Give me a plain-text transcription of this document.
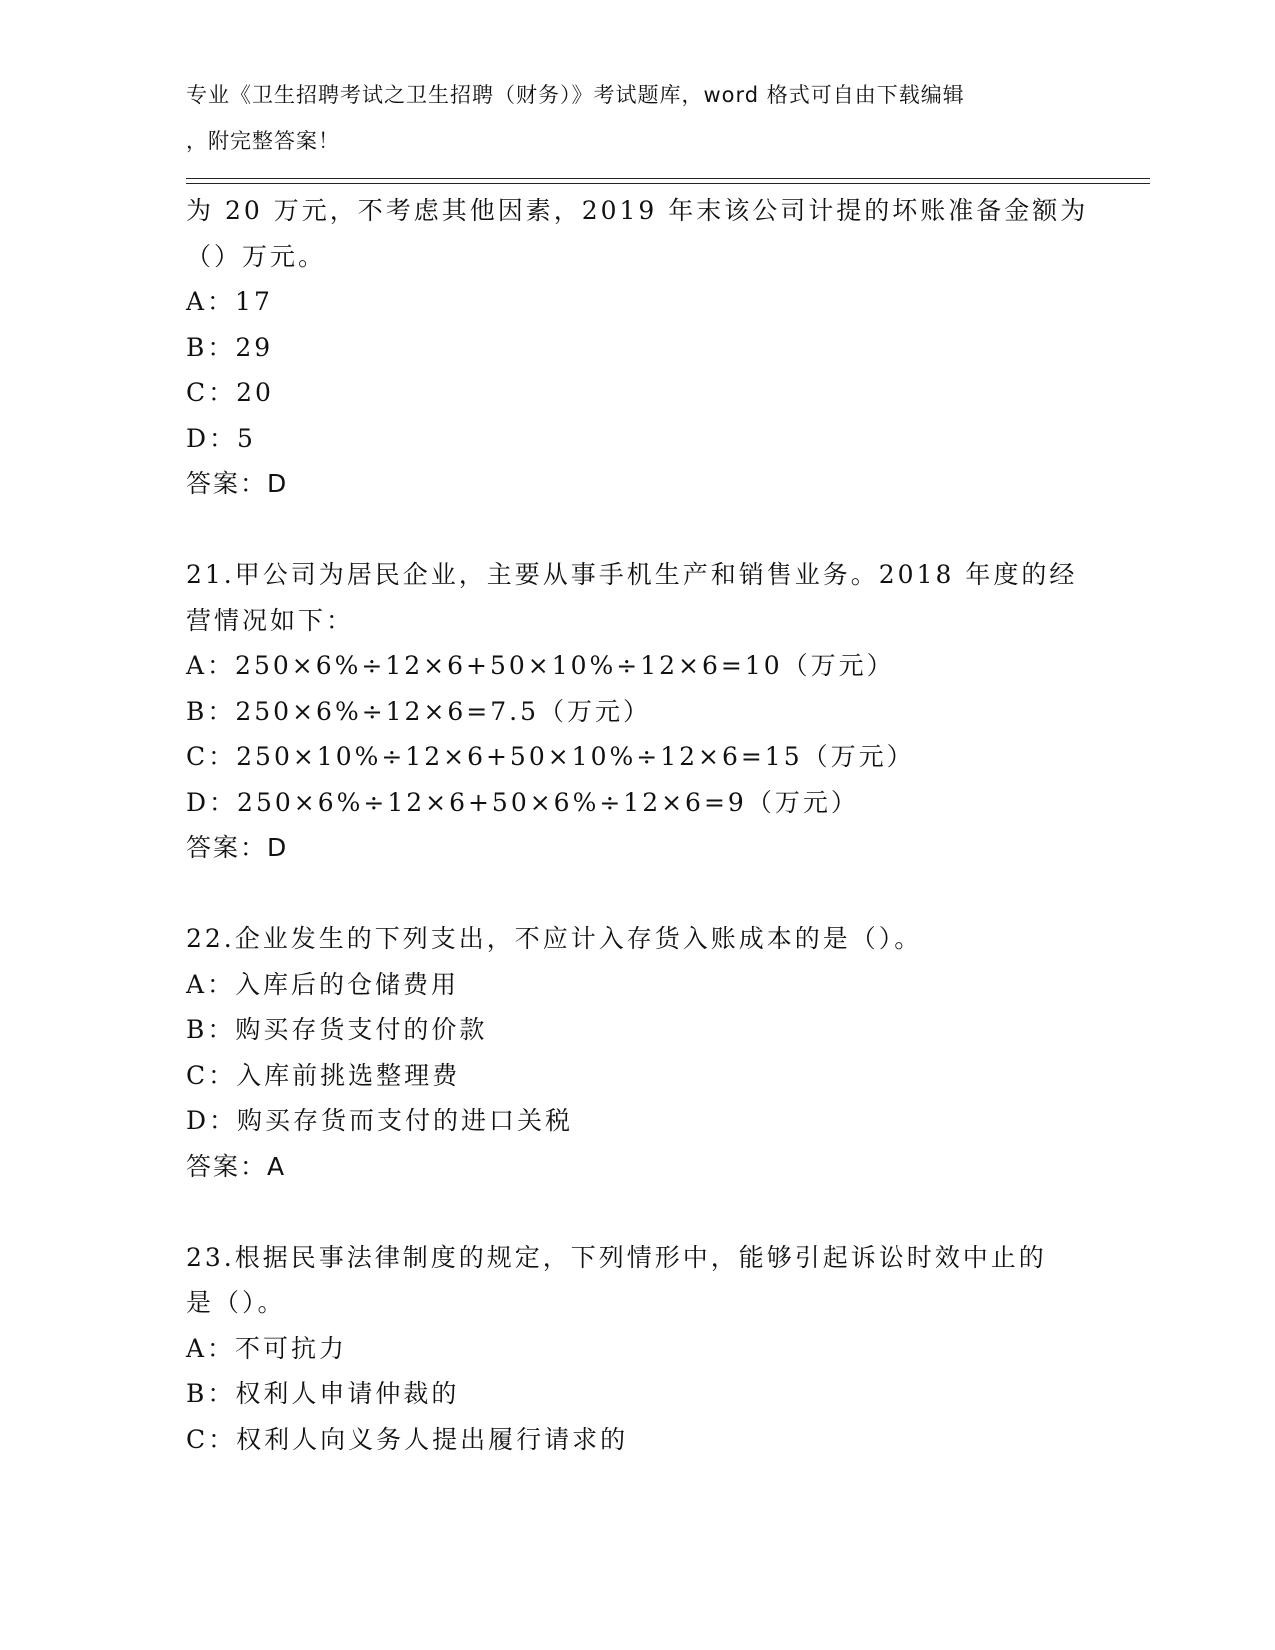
专业《卫生招聘考试之卫生招聘（财务）》考试题库，word 格式可自由下载编辑
，附完整答案！
为 20 万元，不考虑其他因素，2019 年末该公司计提的坏账准备金额为
（）万元。
A：17
B：29
C：20
D：5
答案：D
21.甲公司为居民企业，主要从事手机生产和销售业务。2018 年度的经
营情况如下：
A：250×6%÷12×6+50×10%÷12×6=10（万元）
B：250×6%÷12×6=7.5（万元）
C：250×10%÷12×6+50×10%÷12×6=15（万元）
D：250×6%÷12×6+50×6%÷12×6=9（万元）
答案：D
22.企业发生的下列支出，不应计入存货入账成本的是（）。
A：入库后的仓储费用
B：购买存货支付的价款
C：入库前挑选整理费
D：购买存货而支付的进口关税
答案：A
23.根据民事法律制度的规定，下列情形中，能够引起诉讼时效中止的
是（）。
A：不可抗力
B：权利人申请仲裁的
C：权利人向义务人提出履行请求的
